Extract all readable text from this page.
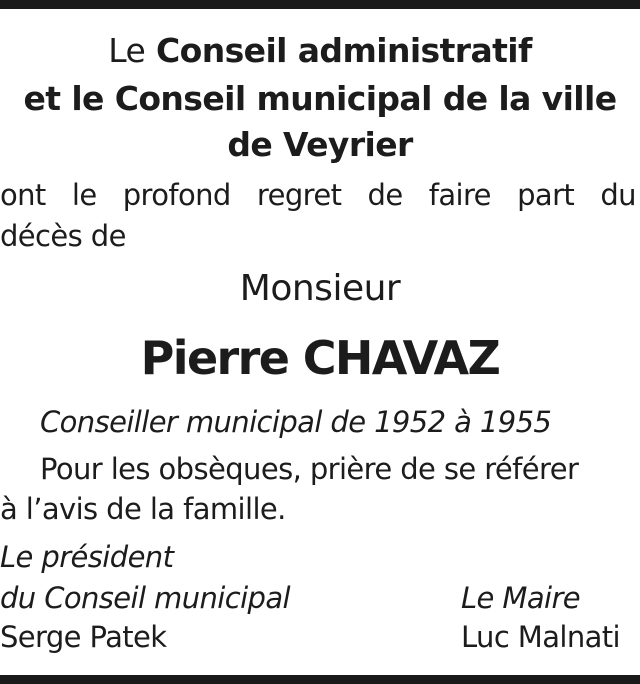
Le Conseil administratif
et le Conseil municipal de la ville
de Veyrier
ont le profond regret de faire part du
décès de
Monsieur
Pierre CHAVAZ
Conseiller municipal de 1952 à 1955
Pour les obsèques, prière de se référer
à l’avis de la famille.
Le président
du Conseil municipal
Serge Patek
Le Maire
Luc Malnati
